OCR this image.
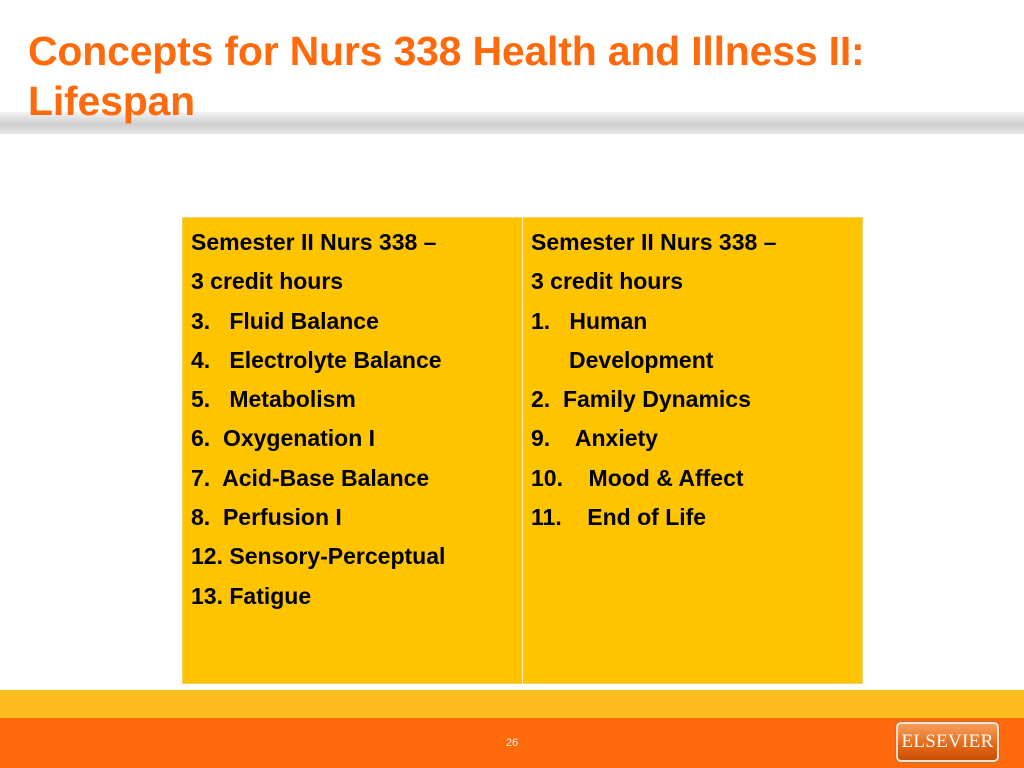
Concepts for Nurs 338 Health and Illness II:
Lifespan
Semester II Nurs 338 –
3 credit hours
3.   Fluid Balance
4.   Electrolyte Balance
5.   Metabolism
6.  Oxygenation I
7.  Acid-Base Balance
8.  Perfusion I
12. Sensory-Perceptual
13. Fatigue

Semester II Nurs 338 –
3 credit hours
1.   Human
Development
2.  Family Dynamics
9.    Anxiety
10.    Mood & Affect
11.    End of Life
26	ELSEVIER
